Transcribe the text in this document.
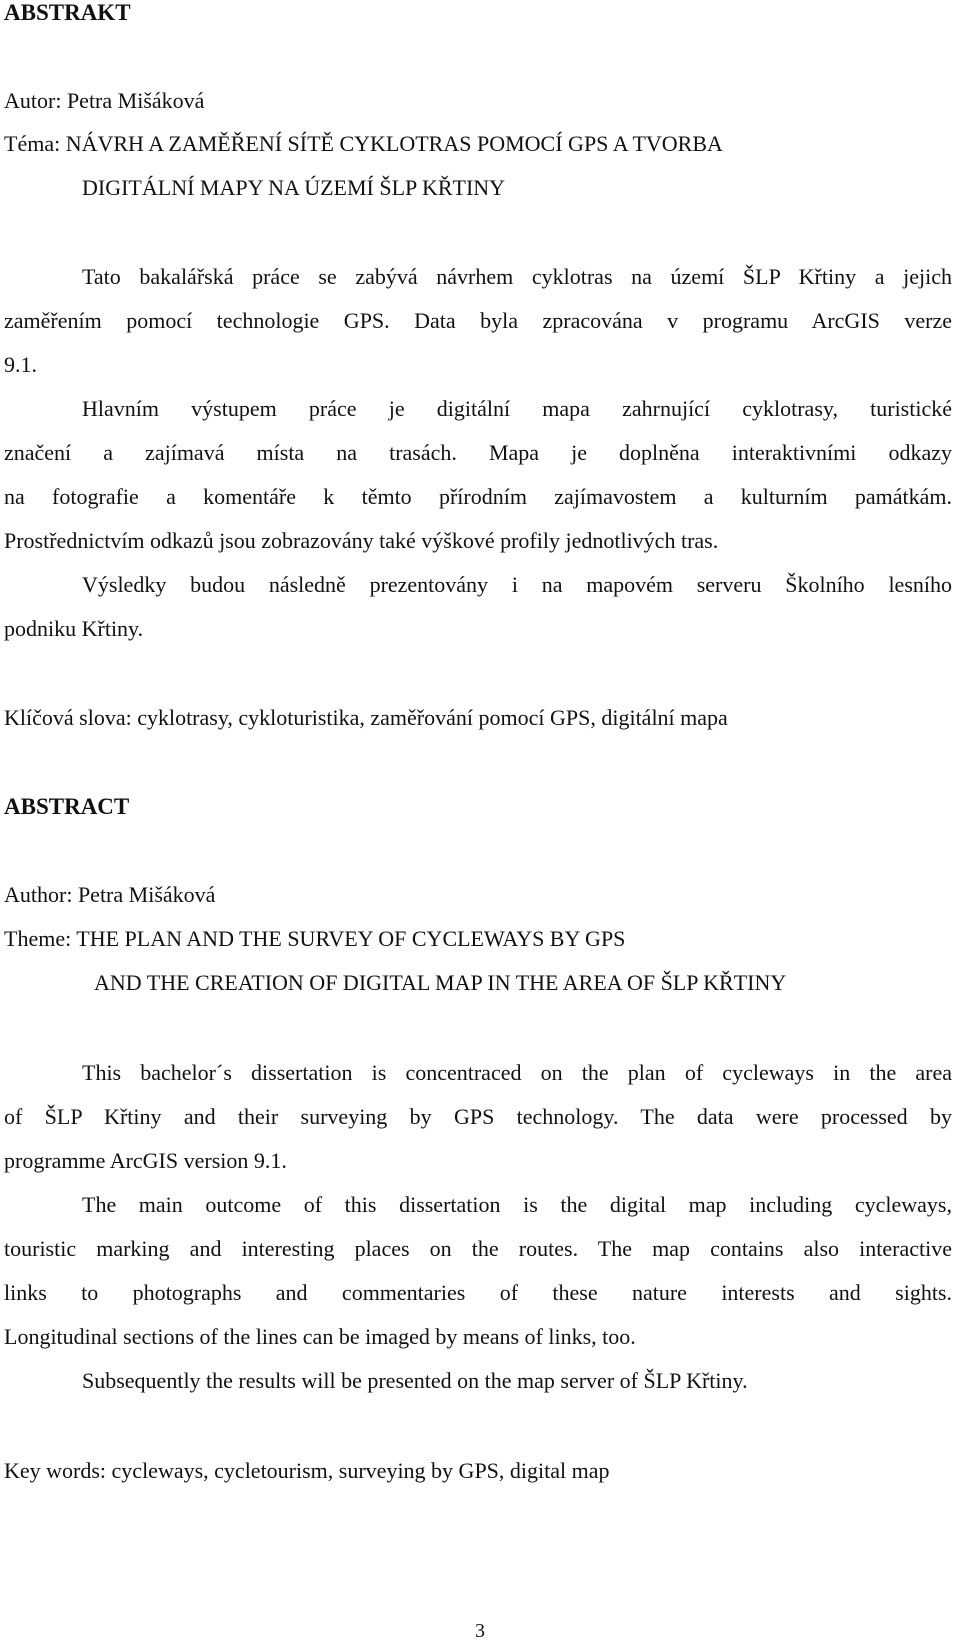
ABSTRAKT
Autor: Petra Mišáková
Téma: NÁVRH A ZAMĚŘENÍ SÍTĚ CYKLOTRAS POMOCÍ GPS A TVORBA
DIGITÁLNÍ MAPY NA ÚZEMÍ ŠLP KŘTINY
Tato bakalářská práce se zabývá návrhem cyklotras na území ŠLP Křtiny a jejich
zaměřením pomocí technologie GPS. Data byla zpracována v programu ArcGIS verze
9.1.
Hlavním výstupem práce je digitální mapa zahrnující cyklotrasy, turistické
značení a zajímavá místa na trasách. Mapa je doplněna interaktivními odkazy
na fotografie a komentáře k těmto přírodním zajímavostem a kulturním památkám.
Prostřednictvím odkazů jsou zobrazovány také výškové profily jednotlivých tras.
Výsledky budou následně prezentovány i na mapovém serveru Školního lesního
podniku Křtiny.
Klíčová slova: cyklotrasy, cykloturistika, zaměřování pomocí GPS, digitální mapa
ABSTRACT
Author: Petra Mišáková
Theme: THE PLAN AND THE SURVEY OF CYCLEWAYS BY GPS
AND THE CREATION OF DIGITAL MAP IN THE AREA OF ŠLP KŘTINY
This bachelor´s dissertation is concentraced on the plan of cycleways in the area
of ŠLP Křtiny and their surveying by GPS technology. The data were processed by
programme ArcGIS version 9.1.
The main outcome of this dissertation is the digital map including cycleways,
touristic marking and interesting places on the routes. The map contains also interactive
links to photographs and commentaries of these nature interests and sights.
Longitudinal sections of the lines can be imaged by means of links, too.
Subsequently the results will be presented on the map server of ŠLP Křtiny.
Key words: cycleways, cycletourism, surveying by GPS, digital map
3
